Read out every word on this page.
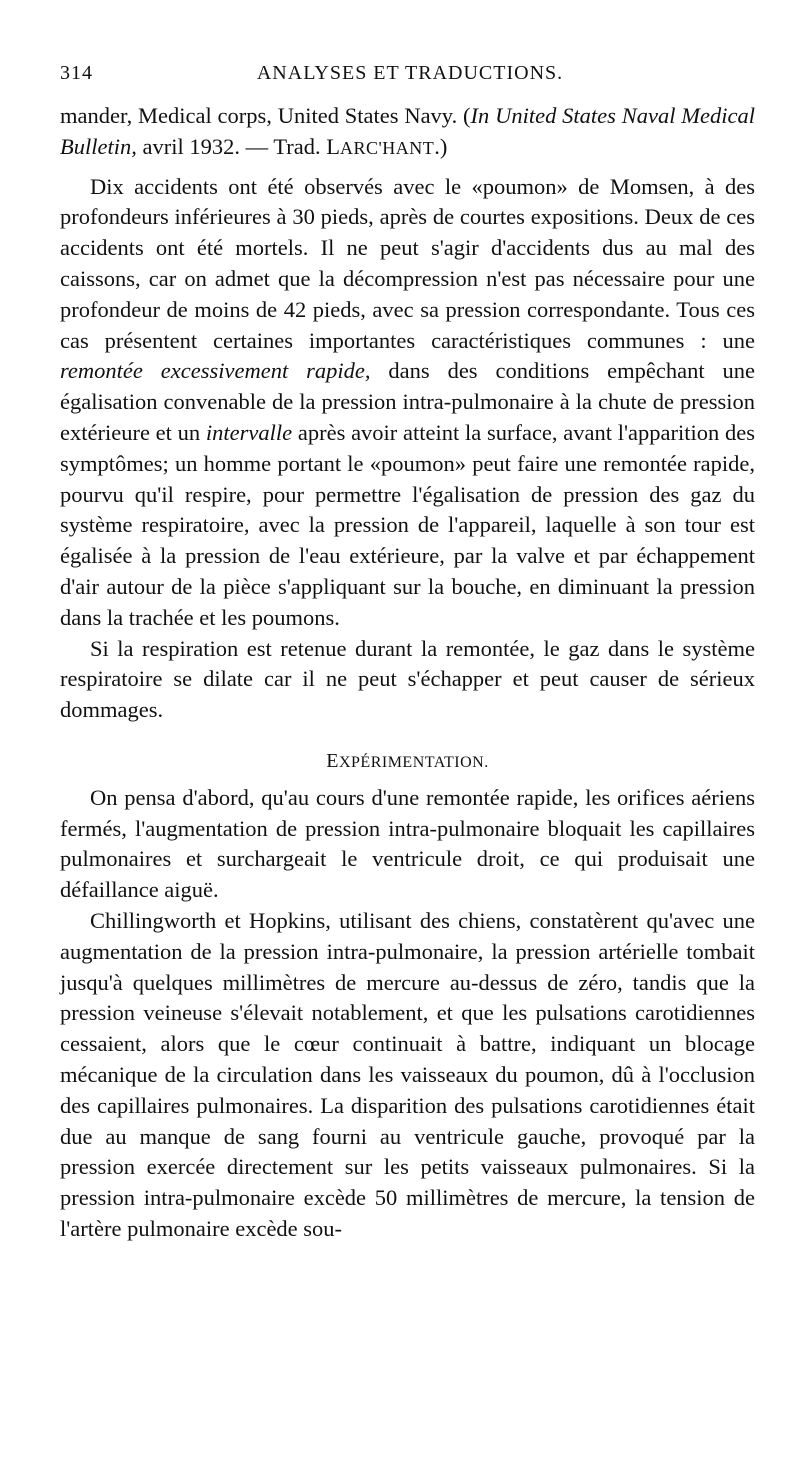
314	ANALYSES ET TRADUCTIONS.

mander, Medical corps, United States Navy. (In United States Naval Medical Bulletin, avril 1932. — Trad. LARC'HANT.)

Dix accidents ont été observés avec le «poumon» de Momsen, à des profondeurs inférieures à 30 pieds, après de courtes expositions. Deux de ces accidents ont été mortels. Il ne peut s'agir d'accidents dus au mal des caissons, car on admet que la décompression n'est pas nécessaire pour une profondeur de moins de 42 pieds, avec sa pression correspondante. Tous ces cas présentent certaines importantes caractéristiques communes : une remontée excessivement rapide, dans des conditions empêchant une égalisation convenable de la pression intra-pulmonaire à la chute de pression extérieure et un intervalle après avoir atteint la surface, avant l'apparition des symptômes; un homme portant le «poumon» peut faire une remontée rapide, pourvu qu'il respire, pour permettre l'égalisation de pression des gaz du système respiratoire, avec la pression de l'appareil, laquelle à son tour est égalisée à la pression de l'eau extérieure, par la valve et par échappement d'air autour de la pièce s'appliquant sur la bouche, en diminuant la pression dans la trachée et les poumons.

Si la respiration est retenue durant la remontée, le gaz dans le système respiratoire se dilate car il ne peut s'échapper et peut causer de sérieux dommages.

EXPÉRIMENTATION.

On pensa d'abord, qu'au cours d'une remontée rapide, les orifices aériens fermés, l'augmentation de pression intra-pulmonaire bloquait les capillaires pulmonaires et surchargeait le ventricule droit, ce qui produisait une défaillance aiguë.

Chillingworth et Hopkins, utilisant des chiens, constatèrent qu'avec une augmentation de la pression intra-pulmonaire, la pression artérielle tombait jusqu'à quelques millimètres de mercure au-dessus de zéro, tandis que la pression veineuse s'élevait notablement, et que les pulsations carotidiennes cessaient, alors que le cœur continuait à battre, indiquant un blocage mécanique de la circulation dans les vaisseaux du poumon, dû à l'occlusion des capillaires pulmonaires. La disparition des pulsations carotidiennes était due au manque de sang fourni au ventricule gauche, provoqué par la pression exercée directement sur les petits vaisseaux pulmonaires. Si la pression intra-pulmonaire excède 50 millimètres de mercure, la tension de l'artère pulmonaire excède sou-
